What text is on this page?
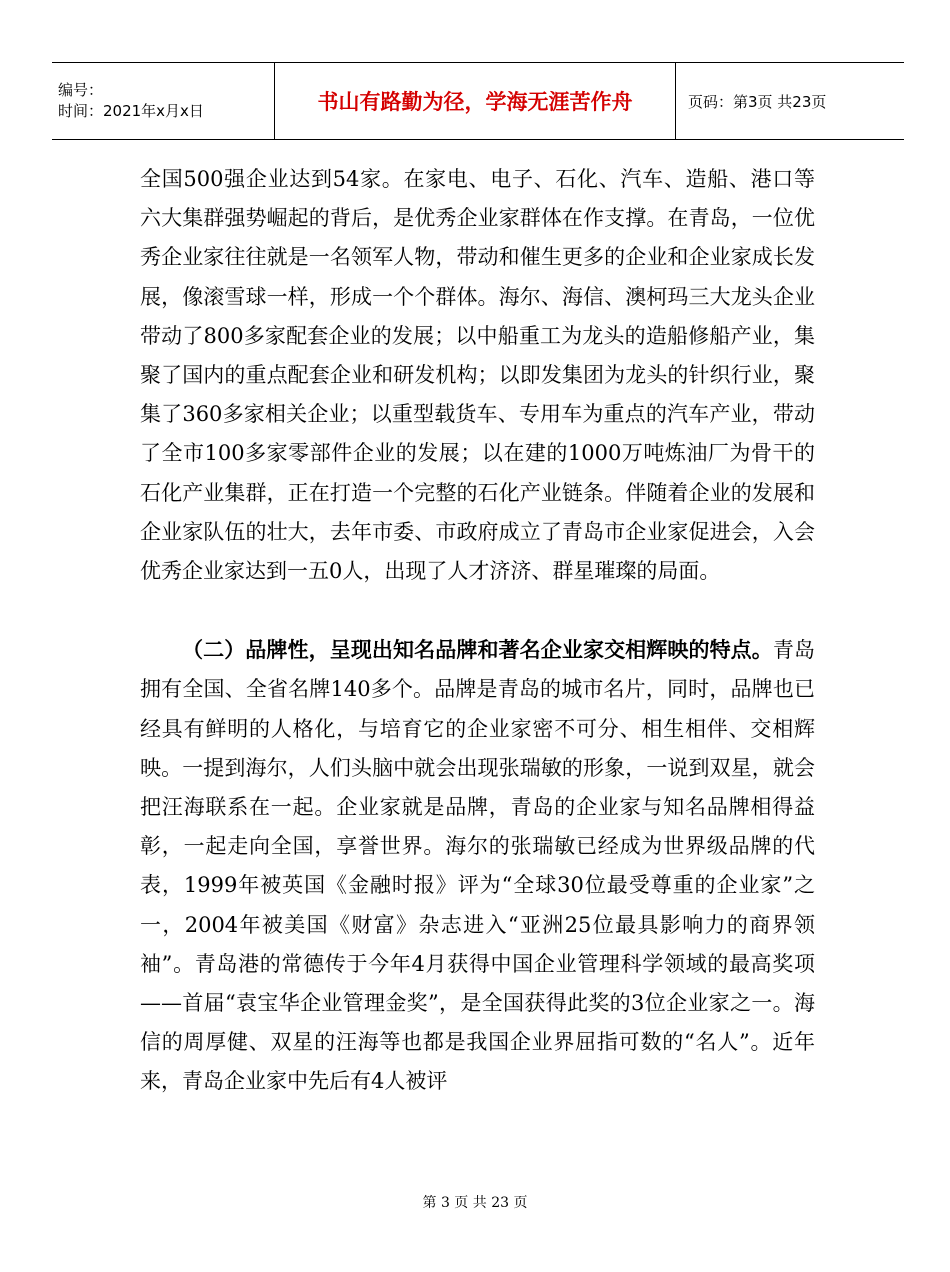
编号：
时间：2021年x月x日	书山有路勤为径，学海无涯苦作舟	页码：第3页 共23页

全国500强企业达到54家。在家电、电子、石化、汽车、造船、港口等六大集群强势崛起的背后，是优秀企业家群体在作支撑。在青岛，一位优秀企业家往往就是一名领军人物，带动和催生更多的企业和企业家成长发展，像滚雪球一样，形成一个个群体。海尔、海信、澳柯玛三大龙头企业带动了800多家配套企业的发展；以中船重工为龙头的造船修船产业，集聚了国内的重点配套企业和研发机构；以即发集团为龙头的针织行业，聚集了360多家相关企业；以重型载货车、专用车为重点的汽车产业，带动了全市100多家零部件企业的发展；以在建的1000万吨炼油厂为骨干的石化产业集群，正在打造一个完整的石化产业链条。伴随着企业的发展和企业家队伍的壮大，去年市委、市政府成立了青岛市企业家促进会，入会优秀企业家达到一五0人，出现了人才济济、群星璀璨的局面。

（二）品牌性，呈现出知名品牌和著名企业家交相辉映的特点。青岛拥有全国、全省名牌140多个。品牌是青岛的城市名片，同时，品牌也已经具有鲜明的人格化，与培育它的企业家密不可分、相生相伴、交相辉映。一提到海尔，人们头脑中就会出现张瑞敏的形象，一说到双星，就会把汪海联系在一起。企业家就是品牌，青岛的企业家与知名品牌相得益彰，一起走向全国，享誉世界。海尔的张瑞敏已经成为世界级品牌的代表，1999年被英国《金融时报》评为“全球30位最受尊重的企业家”之一，2004年被美国《财富》杂志进入“亚洲25位最具影响力的商界领袖”。青岛港的常德传于今年4月获得中国企业管理科学领域的最高奖项——首届“袁宝华企业管理金奖”，是全国获得此奖的3位企业家之一。海信的周厚健、双星的汪海等也都是我国企业界屈指可数的“名人”。近年来，青岛企业家中先后有4人被评

第 3 页 共 23 页
